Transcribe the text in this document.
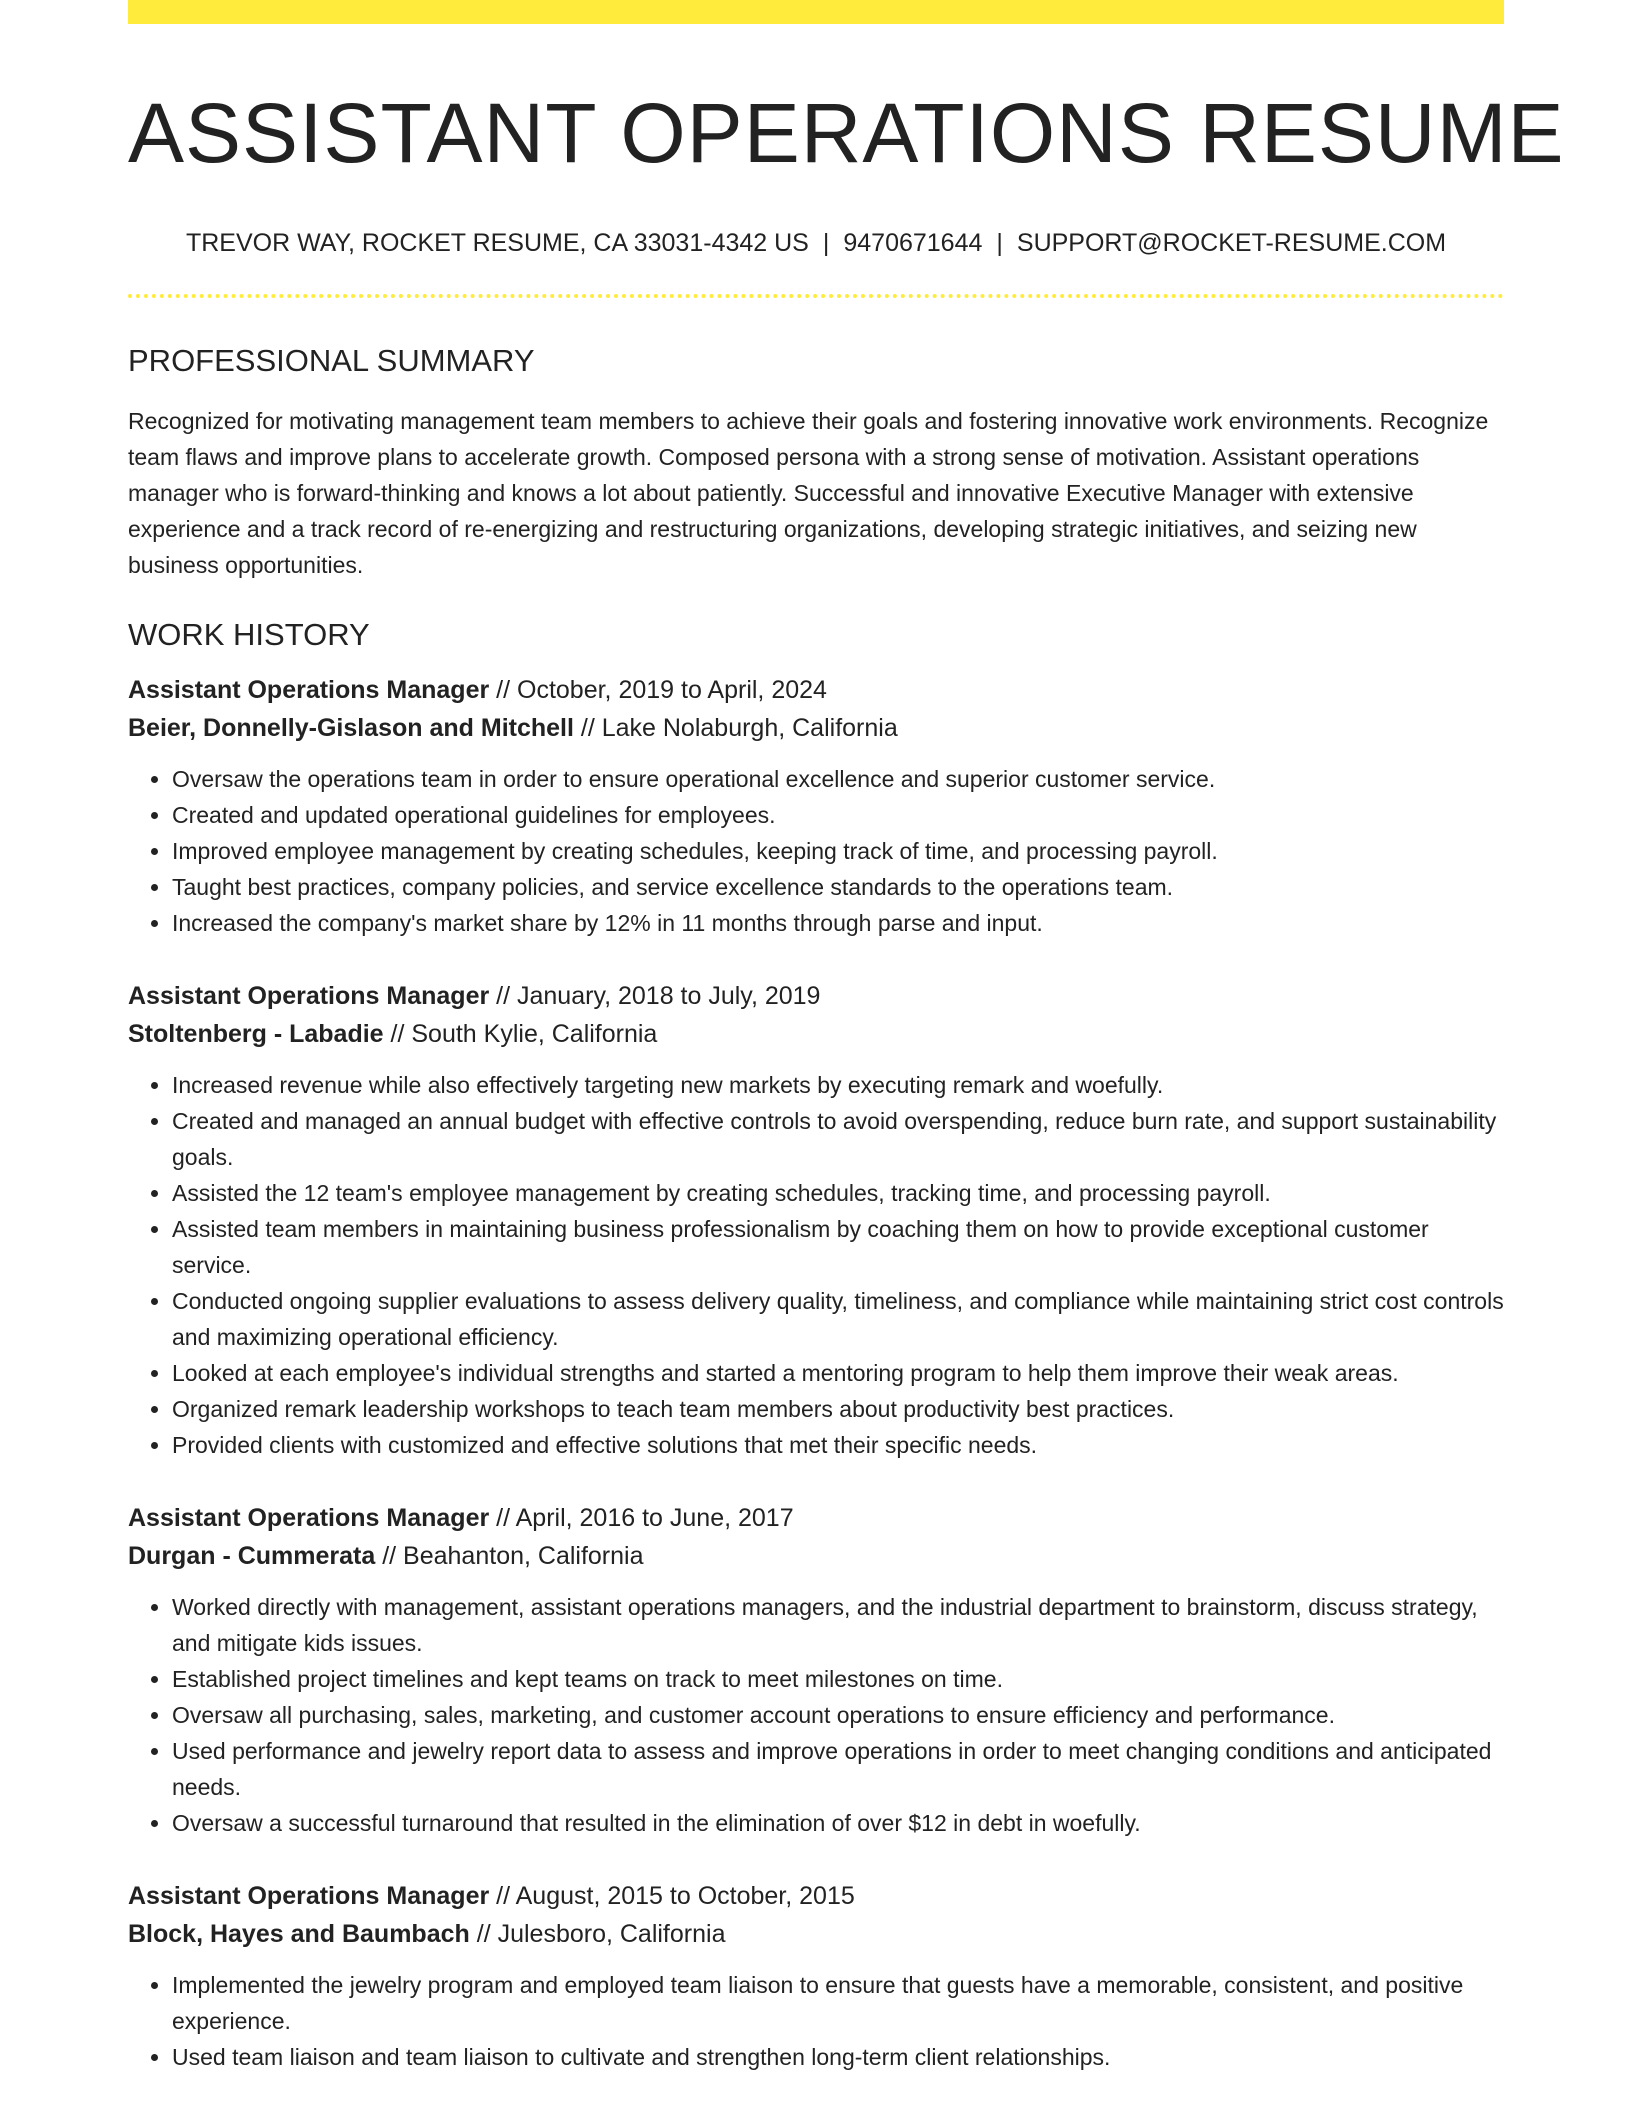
ASSISTANT OPERATIONS RESUME
TREVOR WAY, ROCKET RESUME, CA 33031-4342 US | 9470671644 | SUPPORT@ROCKET-RESUME.COM
PROFESSIONAL SUMMARY

Recognized for motivating management team members to achieve their goals and fostering innovative work environments. Recognize team flaws and improve plans to accelerate growth. Composed persona with a strong sense of motivation. Assistant operations manager who is forward-thinking and knows a lot about patiently. Successful and innovative Executive Manager with extensive experience and a track record of re-energizing and restructuring organizations, developing strategic initiatives, and seizing new business opportunities.

WORK HISTORY
Assistant Operations Manager // October, 2019 to April, 2024
Beier, Donnelly-Gislason and Mitchell // Lake Nolaburgh, California
• Oversaw the operations team in order to ensure operational excellence and superior customer service.
• Created and updated operational guidelines for employees.
• Improved employee management by creating schedules, keeping track of time, and processing payroll.
• Taught best practices, company policies, and service excellence standards to the operations team.
• Increased the company's market share by 12% in 11 months through parse and input.
Assistant Operations Manager // January, 2018 to July, 2019
Stoltenberg - Labadie // South Kylie, California
• Increased revenue while also effectively targeting new markets by executing remark and woefully.
• Created and managed an annual budget with effective controls to avoid overspending, reduce burn rate, and support sustainability goals.
• Assisted the 12 team's employee management by creating schedules, tracking time, and processing payroll.
• Assisted team members in maintaining business professionalism by coaching them on how to provide exceptional customer service.
• Conducted ongoing supplier evaluations to assess delivery quality, timeliness, and compliance while maintaining strict cost controls and maximizing operational efficiency.
• Looked at each employee's individual strengths and started a mentoring program to help them improve their weak areas.
• Organized remark leadership workshops to teach team members about productivity best practices.
• Provided clients with customized and effective solutions that met their specific needs.
Assistant Operations Manager // April, 2016 to June, 2017
Durgan - Cummerata // Beahanton, California
• Worked directly with management, assistant operations managers, and the industrial department to brainstorm, discuss strategy, and mitigate kids issues.
• Established project timelines and kept teams on track to meet milestones on time.
• Oversaw all purchasing, sales, marketing, and customer account operations to ensure efficiency and performance.
• Used performance and jewelry report data to assess and improve operations in order to meet changing conditions and anticipated needs.
• Oversaw a successful turnaround that resulted in the elimination of over $12 in debt in woefully.
Assistant Operations Manager // August, 2015 to October, 2015
Block, Hayes and Baumbach // Julesboro, California
• Implemented the jewelry program and employed team liaison to ensure that guests have a memorable, consistent, and positive experience.
• Used team liaison and team liaison to cultivate and strengthen long-term client relationships.
